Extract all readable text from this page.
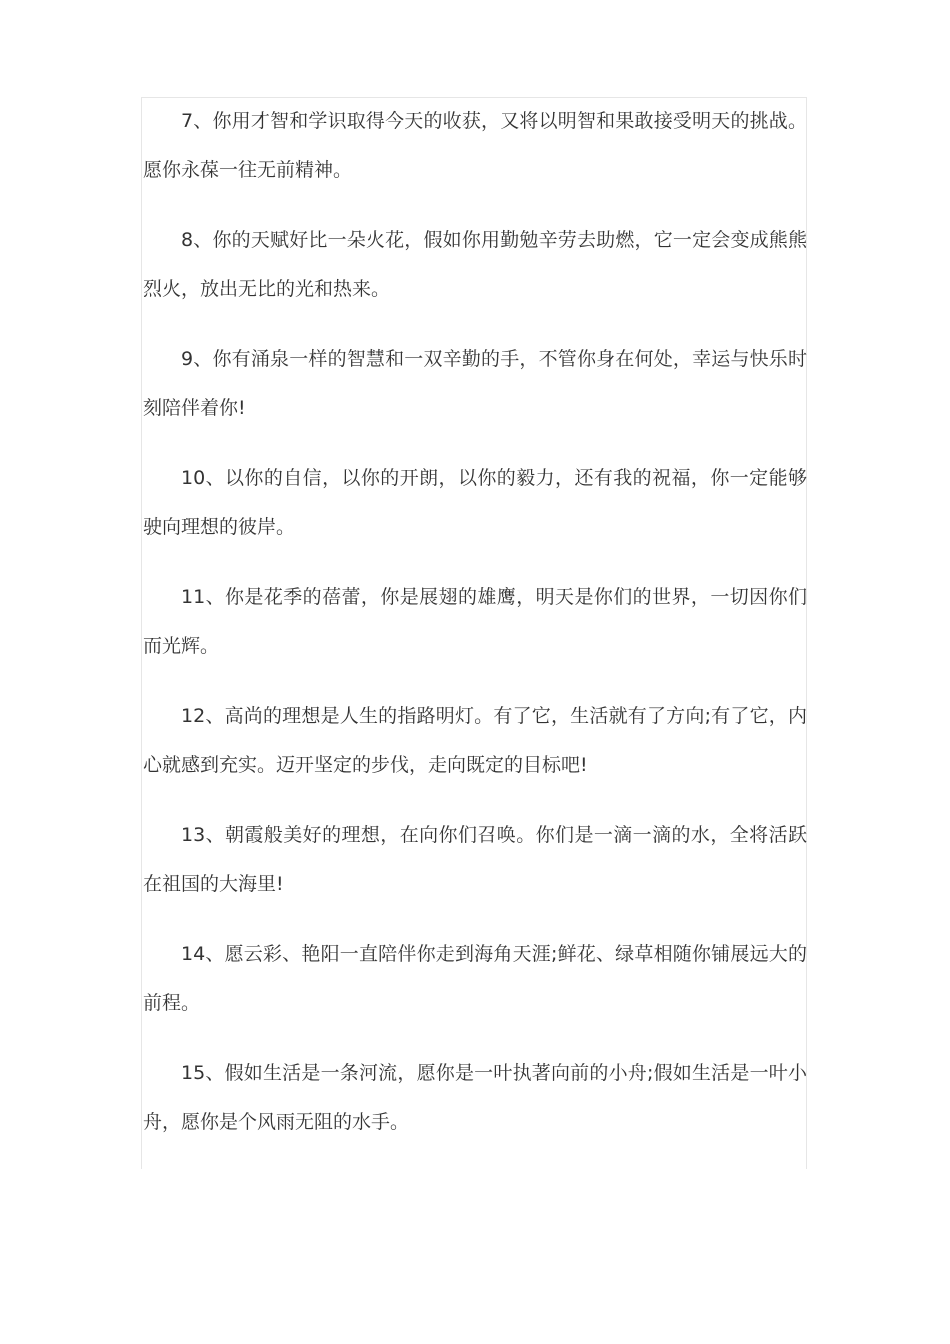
7、你用才智和学识取得今天的收获，又将以明智和果敢接受明天的挑战。愿你永葆一往无前精神。

8、你的天赋好比一朵火花，假如你用勤勉辛劳去助燃，它一定会变成熊熊烈火，放出无比的光和热来。

9、你有涌泉一样的智慧和一双辛勤的手，不管你身在何处，幸运与快乐时刻陪伴着你!

10、以你的自信，以你的开朗，以你的毅力，还有我的祝福，你一定能够驶向理想的彼岸。

11、你是花季的蓓蕾，你是展翅的雄鹰，明天是你们的世界，一切因你们而光辉。

12、高尚的理想是人生的指路明灯。有了它，生活就有了方向;有了它，内心就感到充实。迈开坚定的步伐，走向既定的目标吧!

13、朝霞般美好的理想，在向你们召唤。你们是一滴一滴的水，全将活跃在祖国的大海里!

14、愿云彩、艳阳一直陪伴你走到海角天涯;鲜花、绿草相随你铺展远大的前程。

15、假如生活是一条河流，愿你是一叶执著向前的小舟;假如生活是一叶小舟，愿你是个风雨无阻的水手。
